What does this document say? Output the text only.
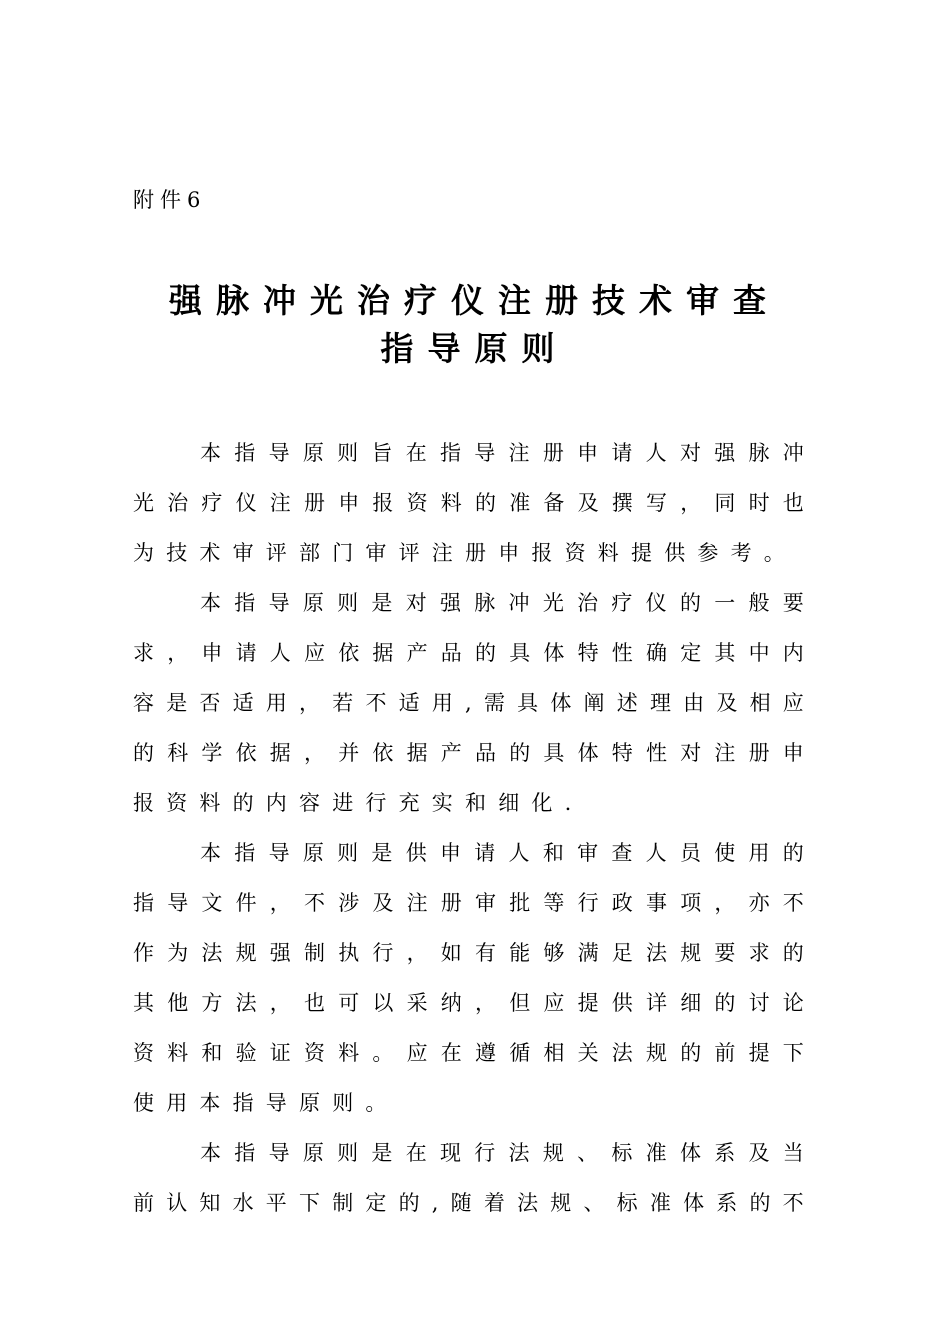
附件6
强脉冲光治疗仪注册技术审查
指导原则

本指导原则旨在指导注册申请人对强脉冲光治疗仪注册申报资料的准备及撰写，同时也为技术审评部门审评注册申报资料提供参考。

本指导原则是对强脉冲光治疗仪的一般要求，申请人应依据产品的具体特性确定其中内容是否适用，若不适用,需具体阐述理由及相应的科学依据，并依据产品的具体特性对注册申报资料的内容进行充实和细化.

本指导原则是供申请人和审查人员使用的指导文件，不涉及注册审批等行政事项，亦不作为法规强制执行，如有能够满足法规要求的其他方法，也可以采纳，但应提供详细的讨论资料和验证资料。应在遵循相关法规的前提下使用本指导原则。

本指导原则是在现行法规、标准体系及当前认知水平下制定的,随着法规、标准体系的不
